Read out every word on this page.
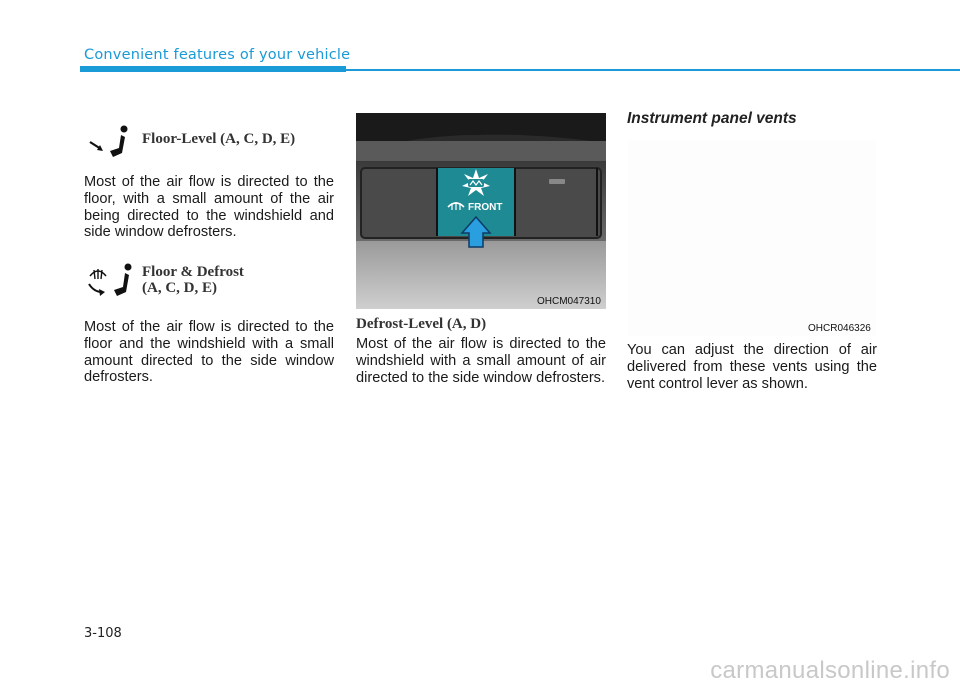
Convenient features of your vehicle
Floor-Level (A, C, D, E)
Most of the air flow is directed to the floor, with a small amount of the air being directed to the windshield and side window defrosters.
Floor & Defrost
(A, C, D, E)
Most of the air flow is directed to the floor and the windshield with a small amount directed to the side window defrosters.
FRONT
OHCM047310
Defrost-Level (A, D)
Most of the air flow is directed to the windshield with a small amount of air directed to the side window defrosters.
Instrument panel vents
OHCR046326
You can adjust the direction of air delivered from these vents using the vent control lever as shown.
3-108
carmanualsonline.info
